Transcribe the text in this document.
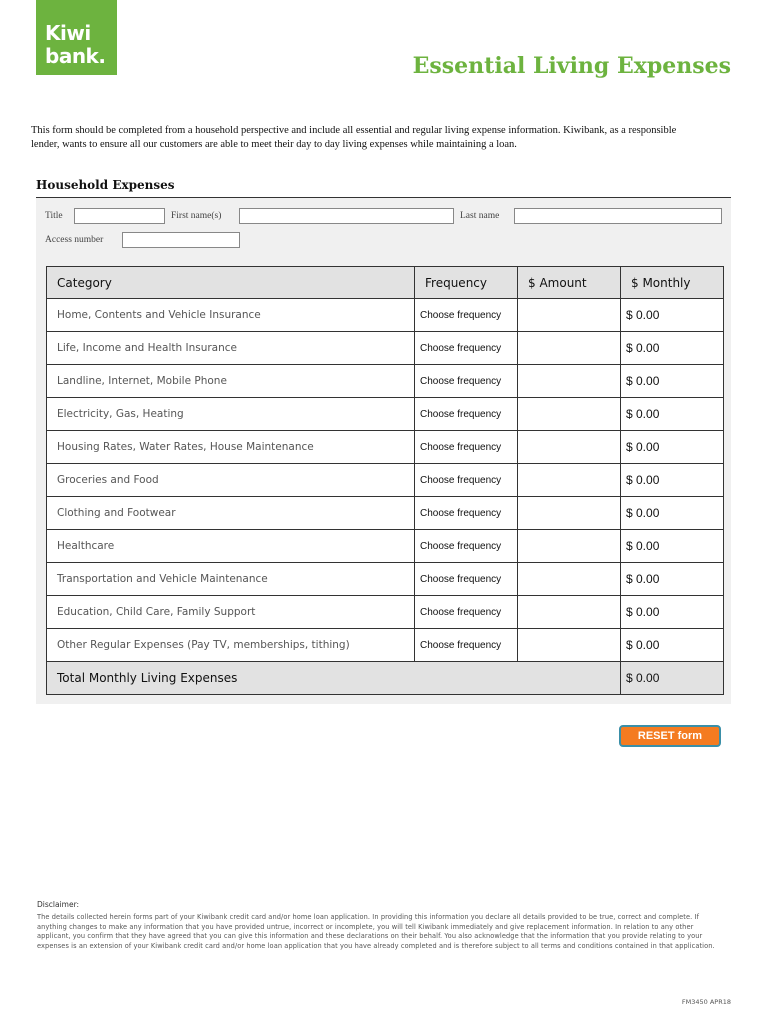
Kiwi
bank.	Essential Living Expenses
This form should be completed from a household perspective and include all essential and regular living expense information. Kiwibank, as a responsible lender, wants to ensure all our customers are able to meet their day to day living expenses while maintaining a loan.
Household Expenses
Title	First name(s)	Last name
Access number
Category	Frequency	$ Amount	$ Monthly
Home, Contents and Vehicle Insurance	Choose frequency		$ 0.00
Life, Income and Health Insurance	Choose frequency		$ 0.00
Landline, Internet, Mobile Phone	Choose frequency		$ 0.00
Electricity, Gas, Heating	Choose frequency		$ 0.00
Housing Rates, Water Rates, House Maintenance	Choose frequency		$ 0.00
Groceries and Food	Choose frequency		$ 0.00
Clothing and Footwear	Choose frequency		$ 0.00
Healthcare	Choose frequency		$ 0.00
Transportation and Vehicle Maintenance	Choose frequency		$ 0.00
Education, Child Care, Family Support	Choose frequency		$ 0.00
Other Regular Expenses (Pay TV, memberships, tithing)	Choose frequency		$ 0.00
Total Monthly Living Expenses			$ 0.00
RESET form
Disclaimer:
The details collected herein forms part of your Kiwibank credit card and/or home loan application. In providing this information you declare all details provided to be true, correct and complete. If anything changes to make any information that you have provided untrue, incorrect or incomplete, you will tell Kiwibank immediately and give replacement information. In relation to any other applicant, you confirm that they have agreed that you can give this information and these declarations on their behalf. You also acknowledge that the information that you provide relating to your expenses is an extension of your Kiwibank credit card and/or home loan application that you have already completed and is therefore subject to all terms and conditions contained in that application.
FM3450 APR18
